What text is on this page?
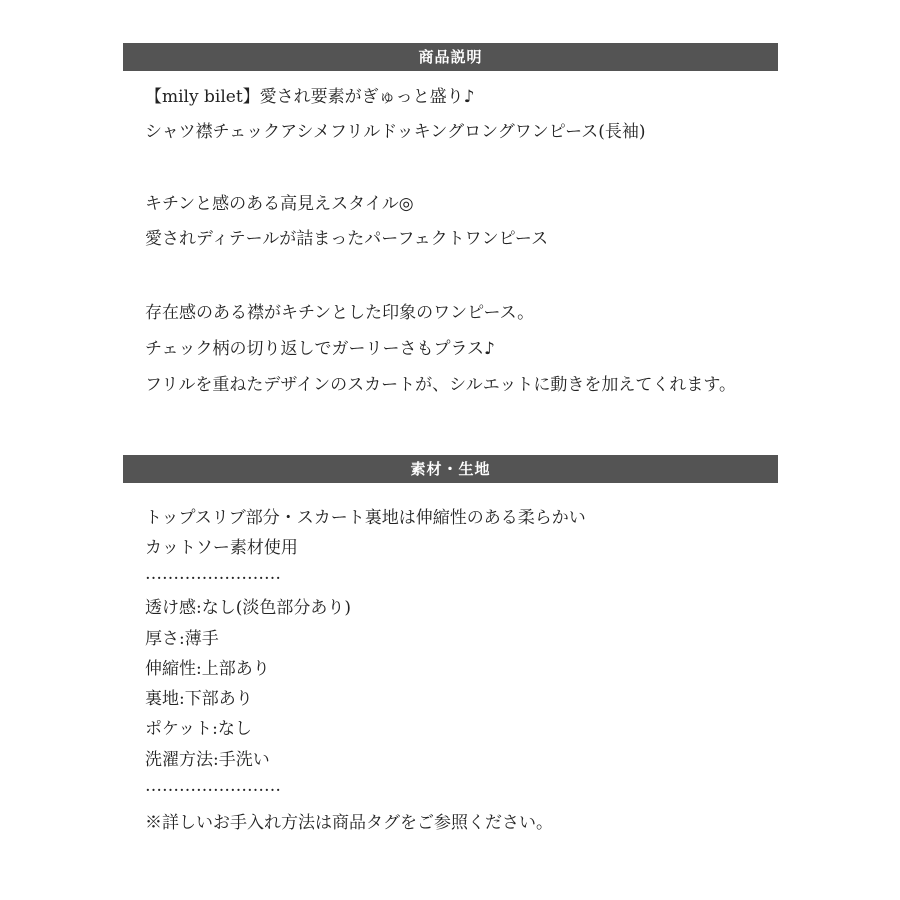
商品説明
【mily bilet】愛され要素がぎゅっと盛り♪
シャツ襟チェックアシメフリルドッキングロングワンピース(長袖)
キチンと感のある高見えスタイル◎
愛されディテールが詰まったパーフェクトワンピース
存在感のある襟がキチンとした印象のワンピース。
チェック柄の切り返しでガーリーさもプラス♪
フリルを重ねたデザインのスカートが、シルエットに動きを加えてくれます。
素材・生地
トップスリブ部分・スカート裏地は伸縮性のある柔らかい
カットソー素材使用
……………………
透け感:なし(淡色部分あり)
厚さ:薄手
伸縮性:上部あり
裏地:下部あり
ポケット:なし
洗濯方法:手洗い
……………………
※詳しいお手入れ方法は商品タグをご参照ください。
